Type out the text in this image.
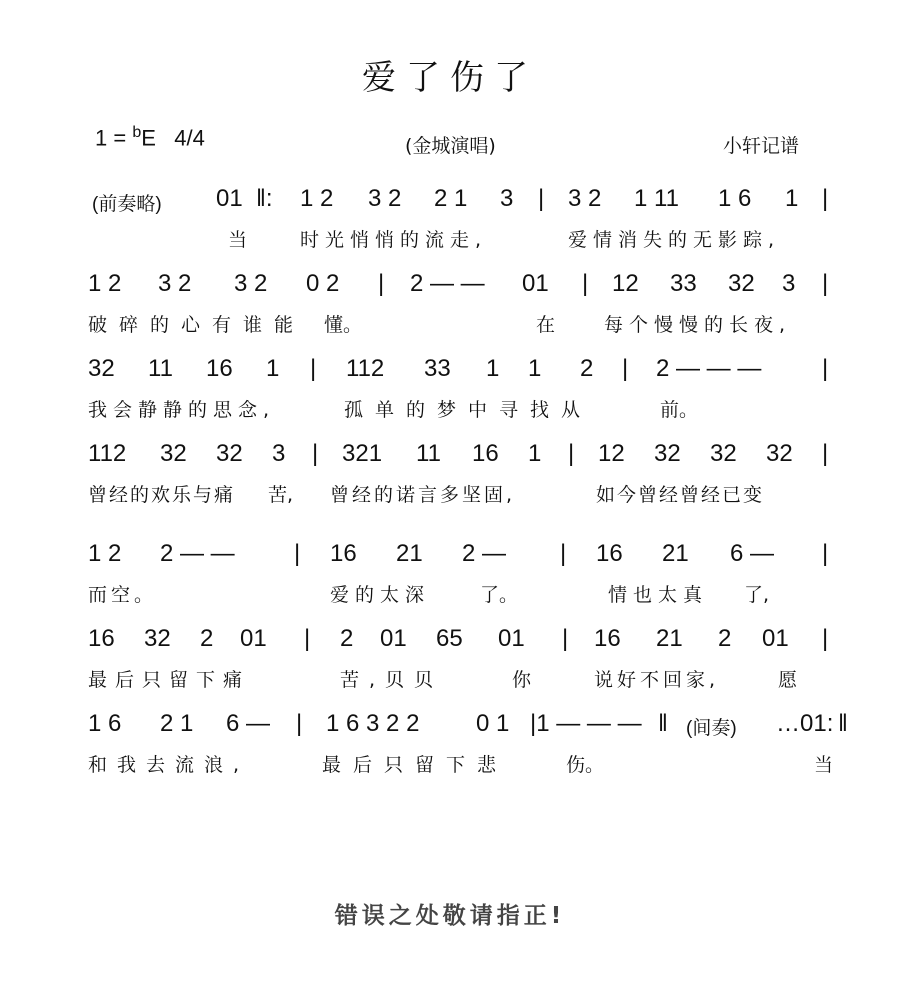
爱了伤了
1 = $^b$E 4/4	(金城演唱)	小轩记谱
(前奏略) 01 ‖: 1 2 3 2 2 1 3 | 3 2 1 11 1 6 1 |
当 时光悄悄的流走,	爱情消失的无影踪,
1 2 3 2 3 2 0 2 | 2 — — 01 | 12 33 32 3 |
破碎的心有谁能 懂。	在	每个慢慢的长夜,
32 11 16 1 | 112 33 1 1 2 | 2 — — —	|
我会静静的思念,	孤单的梦中寻找从	前。
112 32 32 3 | 321 11 16 1 | 12 32 32 32 |
曾经的欢乐与痛 苦, 曾经的诺言多坚固,	如今曾经曾经已变
1 2 2 — — | 16 21 2 — | 16 21 6 — |
而空。	爱的太深	了。	情也太真 了,
16 32 2 01 | 2 01 65 01 | 16 21 2 01 |
最后只留下痛	苦,贝贝	你	说好不回家,	愿
1 6 2 1 6 — | 1 6 3 2 2 0 1 |1 — — — ‖ (间奏) …01: ‖
和我去流浪,	最后只留下悲	伤。	当
错误之处敬请指正!
